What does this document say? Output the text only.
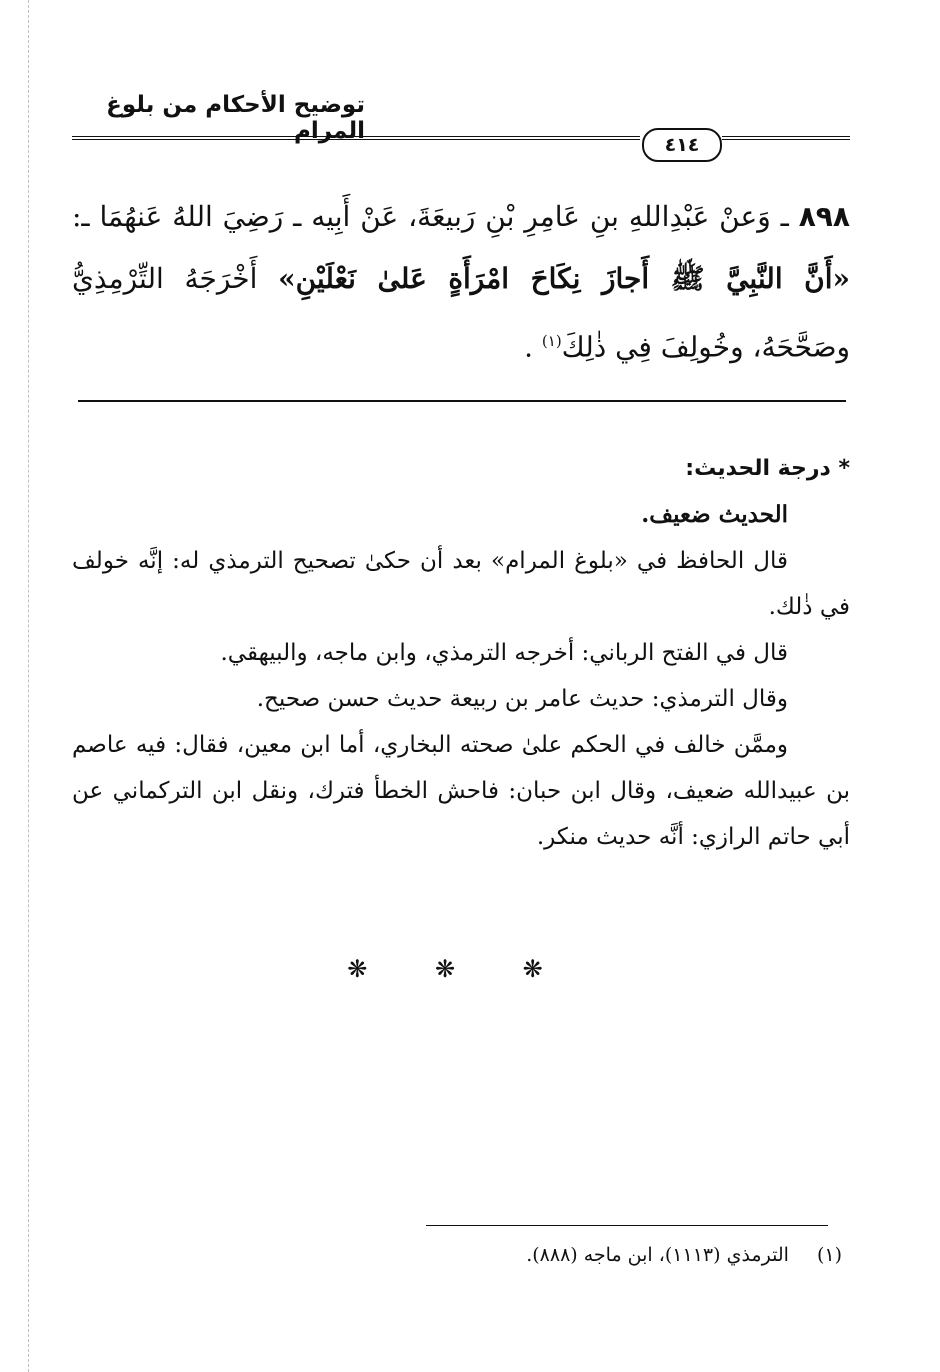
توضيح الأحكام من بلوغ المرام
٤١٤
٨٩٨ ـ وَعنْ عَبْدِاللهِ بنِ عَامِرِ بْنِ رَبيعَةَ، عَنْ أَبِيه ـ رَضِيَ اللهُ عَنهُمَا ـ: «أَنَّ النَّبِيَّ ﷺ أَجازَ نِكَاحَ امْرَأَةٍ عَلىٰ نَعْلَيْنِ» أَخْرَجَهُ التِّرْمِذِيُّ وصَحَّحَهُ، وخُولِفَ فِي ذٰلِكَ$^{(١)}$ .
* درجة الحديث:
الحديث ضعيف.
قال الحافظ في «بلوغ المرام» بعد أن حكىٰ تصحيح الترمذي له: إنَّه خولف في ذٰلك.
قال في الفتح الرباني: أخرجه الترمذي، وابن ماجه، والبيهقي.
وقال الترمذي: حديث عامر بن ربيعة حديث حسن صحيح.
وممَّن خالف في الحكم علىٰ صحته البخاري، أما ابن معين، فقال: فيه عاصم بن عبيدالله ضعيف، وقال ابن حبان: فاحش الخطأ فترك، ونقل ابن التركماني عن أبي حاتم الرازي: أنَّه حديث منكر.
❋ ❋ ❋
(١) الترمذي (١١١٣)، ابن ماجه (٨٨٨).
